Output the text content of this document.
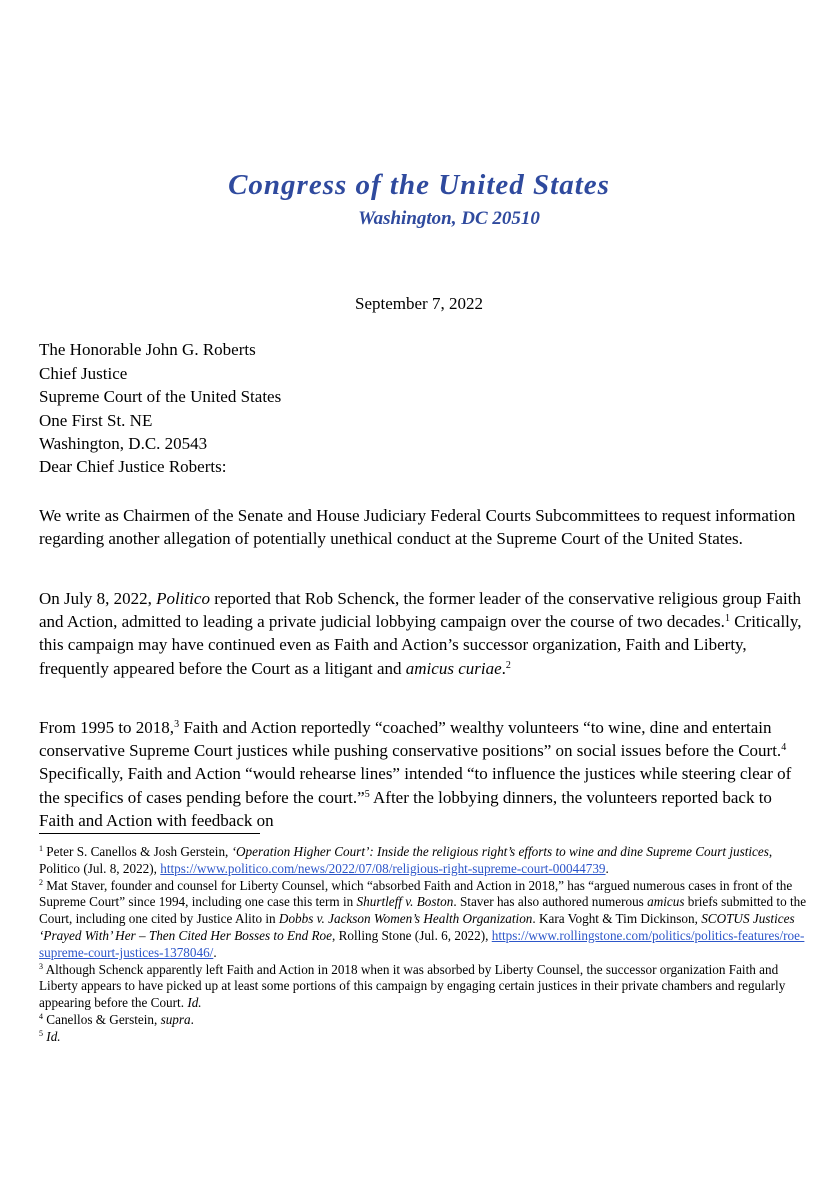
Congress of the United States
Washington, DC 20510
September 7, 2022
The Honorable John G. Roberts
Chief Justice
Supreme Court of the United States
One First St. NE
Washington, D.C. 20543
Dear Chief Justice Roberts:
We write as Chairmen of the Senate and House Judiciary Federal Courts Subcommittees to request information regarding another allegation of potentially unethical conduct at the Supreme Court of the United States.
On July 8, 2022, Politico reported that Rob Schenck, the former leader of the conservative religious group Faith and Action, admitted to leading a private judicial lobbying campaign over the course of two decades.$^1$ Critically, this campaign may have continued even as Faith and Action’s successor organization, Faith and Liberty, frequently appeared before the Court as a litigant and amicus curiae.$^2$
From 1995 to 2018,$^3$ Faith and Action reportedly “coached” wealthy volunteers “to wine, dine and entertain conservative Supreme Court justices while pushing conservative positions” on social issues before the Court.$^4$ Specifically, Faith and Action “would rehearse lines” intended “to influence the justices while steering clear of the specifics of cases pending before the court.”$^5$ After the lobbying dinners, the volunteers reported back to Faith and Action with feedback on

$^1$ Peter S. Canellos & Josh Gerstein, ‘Operation Higher Court’: Inside the religious right’s efforts to wine and dine Supreme Court justices, Politico (Jul. 8, 2022), https://www.politico.com/news/2022/07/08/religious-right-supreme-court-00044739.

$^2$ Mat Staver, founder and counsel for Liberty Counsel, which “absorbed Faith and Action in 2018,” has “argued numerous cases in front of the Supreme Court” since 1994, including one case this term in Shurtleff v. Boston. Staver has also authored numerous amicus briefs submitted to the Court, including one cited by Justice Alito in Dobbs v. Jackson Women’s Health Organization. Kara Voght & Tim Dickinson, SCOTUS Justices ‘Prayed With’ Her – Then Cited Her Bosses to End Roe, Rolling Stone (Jul. 6, 2022), https://www.rollingstone.com/politics/politics-features/roe-supreme-court-justices-1378046/.

$^3$ Although Schenck apparently left Faith and Action in 2018 when it was absorbed by Liberty Counsel, the successor organization Faith and Liberty appears to have picked up at least some portions of this campaign by engaging certain justices in their private chambers and regularly appearing before the Court. Id.

$^4$ Canellos & Gerstein, supra.

$^5$ Id.
